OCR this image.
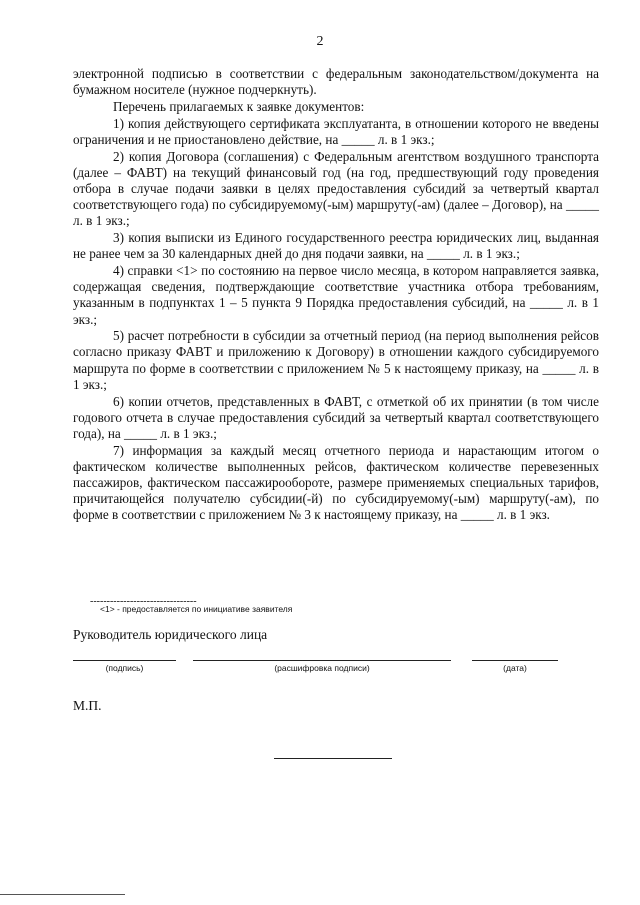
2

электронной подписью в соответствии с федеральным законодательством/документа на бумажном носителе (нужное подчеркнуть).

Перечень прилагаемых к заявке документов:

1) копия действующего сертификата эксплуатанта, в отношении которого не введены ограничения и не приостановлено действие, на _____ л. в 1 экз.;

2) копия Договора (соглашения) с Федеральным агентством воздушного транспорта (далее – ФАВТ) на текущий финансовый год (на год, предшествующий году проведения отбора в случае подачи заявки в целях предоставления субсидий за четвертый квартал соответствующего года) по субсидируемому(-ым) маршруту(-ам) (далее – Договор), на _____ л. в 1 экз.;

3) копия выписки из Единого государственного реестра юридических лиц, выданная не ранее чем за 30 календарных дней до дня подачи заявки, на _____ л. в 1 экз.;

4) справки <1> по состоянию на первое число месяца, в котором направляется заявка, содержащая сведения, подтверждающие соответствие участника отбора требованиям, указанным в подпунктах 1 – 5 пункта 9 Порядка предоставления субсидий, на _____ л. в 1 экз.;

5) расчет потребности в субсидии за отчетный период (на период выполнения рейсов согласно приказу ФАВТ и приложению к Договору) в отношении каждого субсидируемого маршрута по форме в соответствии с приложением № 5 к настоящему приказу, на _____ л. в 1 экз.;

6) копии отчетов, представленных в ФАВТ, с отметкой об их принятии (в том числе годового отчета в случае предоставления субсидий за четвертый квартал соответствующего года), на _____ л. в 1 экз.;

7) информация за каждый месяц отчетного периода и нарастающим итогом о фактическом количестве выполненных рейсов, фактическом количестве перевезенных пассажиров, фактическом пассажирообороте, размере применяемых специальных тарифов, причитающейся получателю субсидии(-й) по субсидируемому(-ым) маршруту(-ам), по форме в соответствии с приложением № 3 к настоящему приказу, на _____ л. в 1 экз.

--------------------------------
<1> - предоставляется по инициативе заявителя
Руководитель юридического лица
(подпись)	(расшифровка подписи)	(дата)
М.П.
